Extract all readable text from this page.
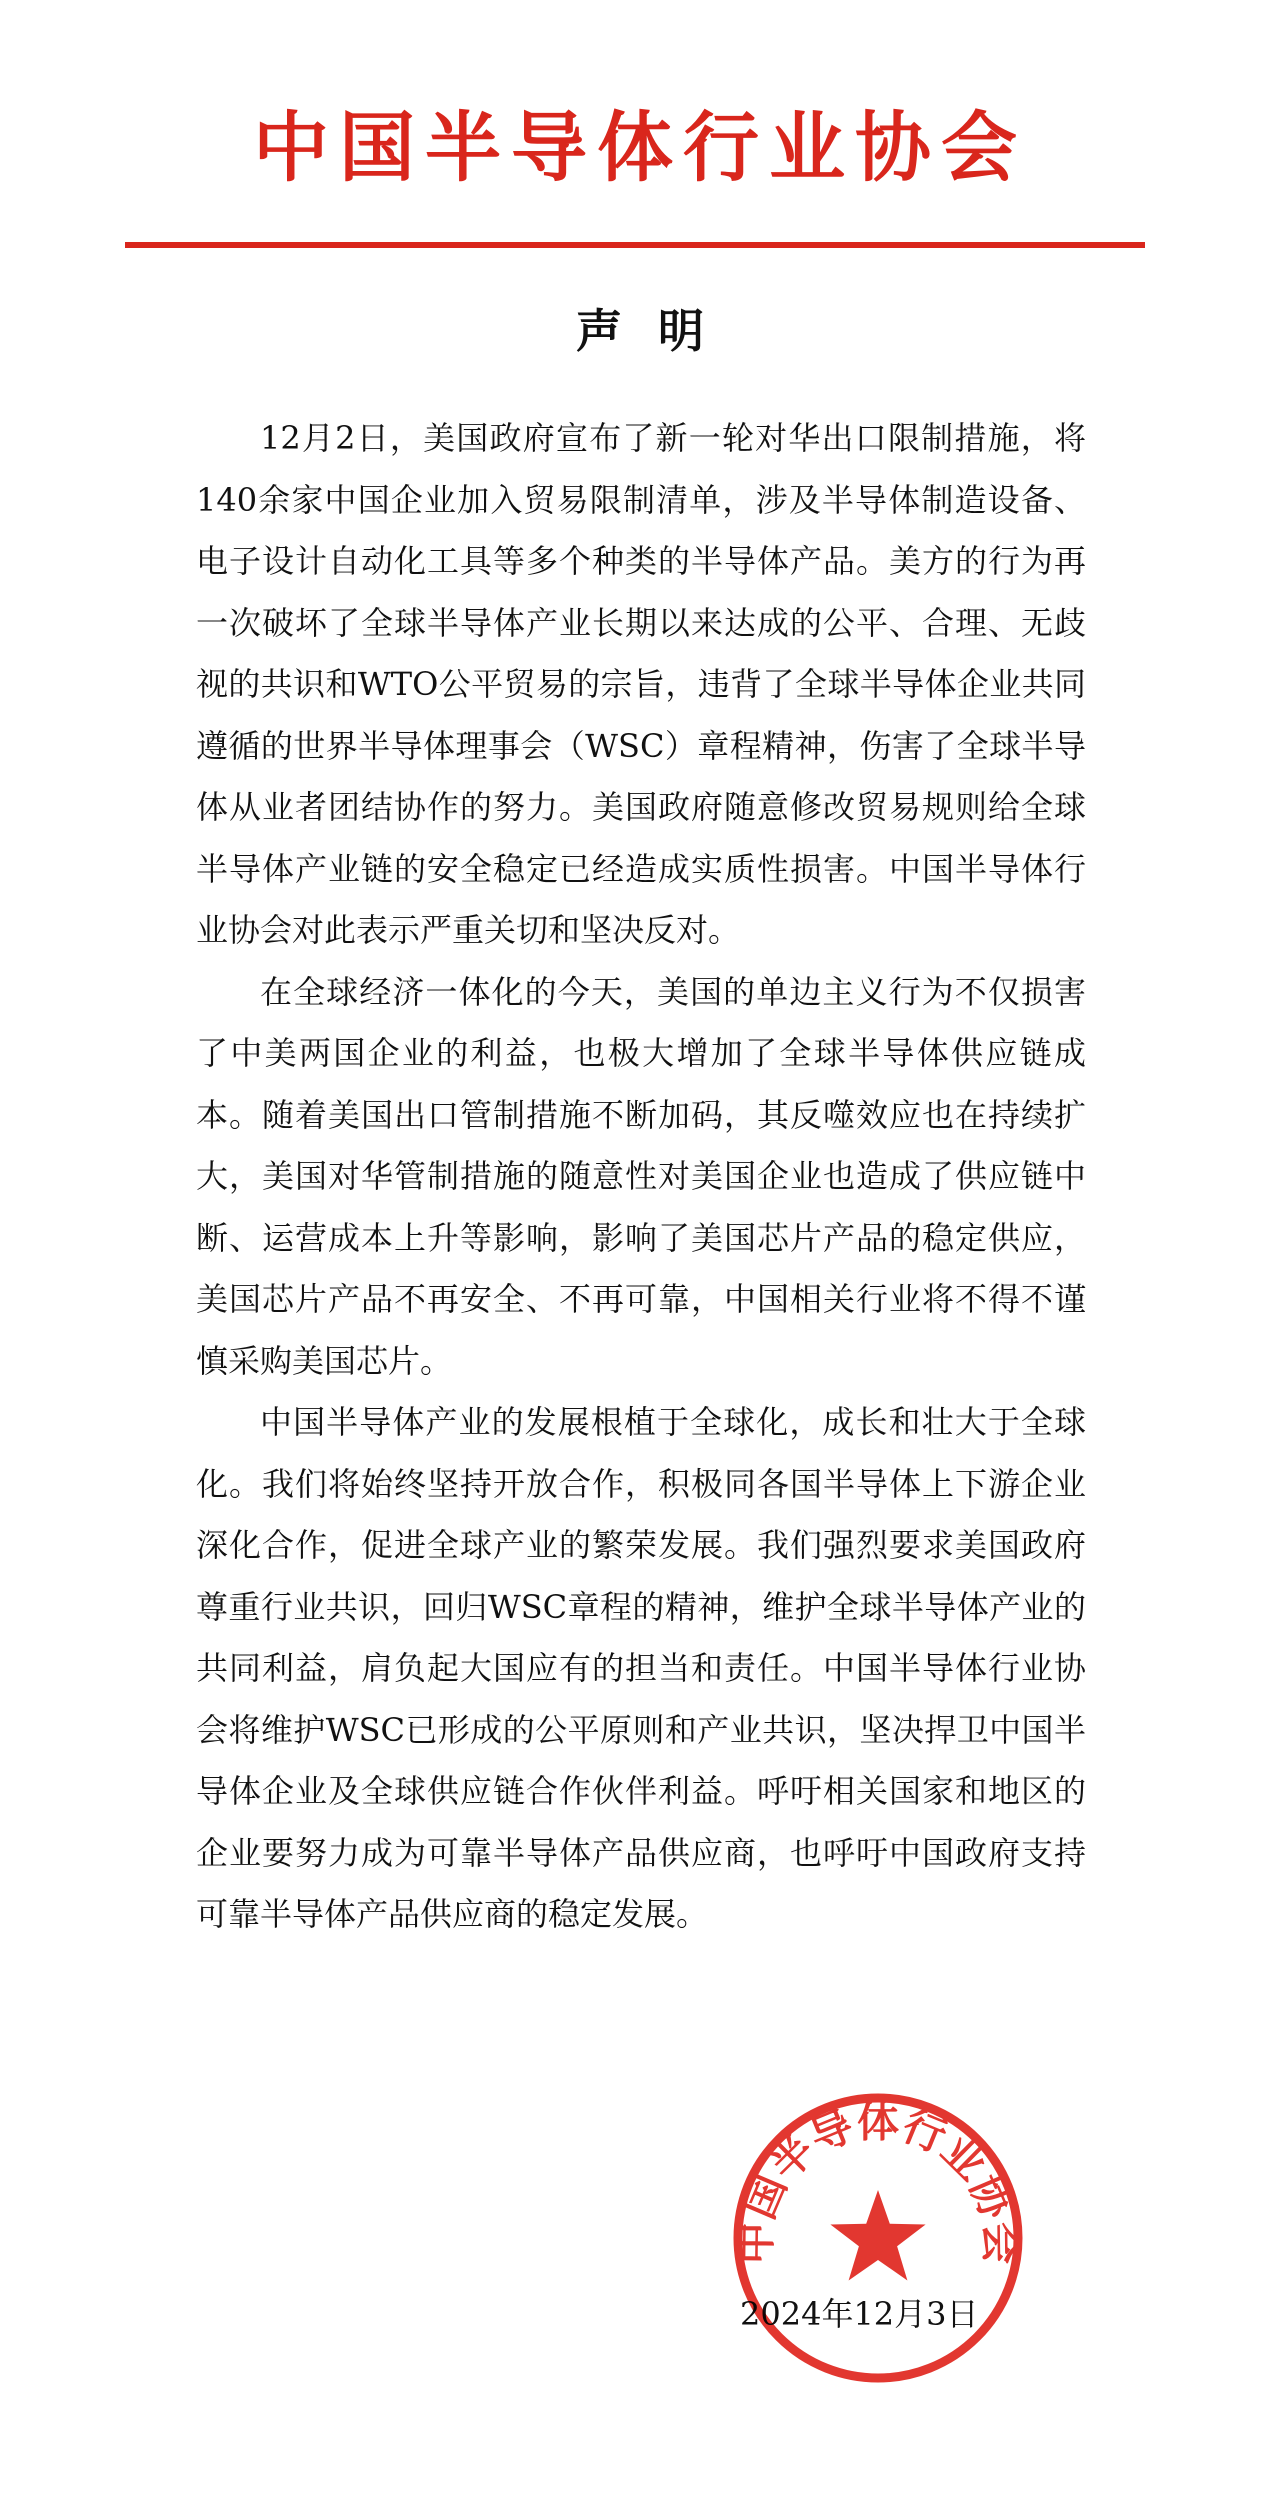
中国半导体行业协会
声明

12月2日，美国政府宣布了新一轮对华出口限制措施，将140余家中国企业加入贸易限制清单，涉及半导体制造设备、电子设计自动化工具等多个种类的半导体产品。美方的行为再一次破坏了全球半导体产业长期以来达成的公平、合理、无歧视的共识和WTO公平贸易的宗旨，违背了全球半导体企业共同遵循的世界半导体理事会（WSC）章程精神，伤害了全球半导体从业者团结协作的努力。美国政府随意修改贸易规则给全球半导体产业链的安全稳定已经造成实质性损害。中国半导体行业协会对此表示严重关切和坚决反对。

在全球经济一体化的今天，美国的单边主义行为不仅损害了中美两国企业的利益，也极大增加了全球半导体供应链成本。随着美国出口管制措施不断加码，其反噬效应也在持续扩大，美国对华管制措施的随意性对美国企业也造成了供应链中断、运营成本上升等影响，影响了美国芯片产品的稳定供应，美国芯片产品不再安全、不再可靠，中国相关行业将不得不谨慎采购美国芯片。

中国半导体产业的发展根植于全球化，成长和壮大于全球化。我们将始终坚持开放合作，积极同各国半导体上下游企业深化合作，促进全球产业的繁荣发展。我们强烈要求美国政府尊重行业共识，回归WSC章程的精神，维护全球半导体产业的共同利益，肩负起大国应有的担当和责任。中国半导体行业协会将维护WSC已形成的公平原则和产业共识，坚决捍卫中国半导体企业及全球供应链合作伙伴利益。呼吁相关国家和地区的企业要努力成为可靠半导体产品供应商，也呼吁中国政府支持可靠半导体产品供应商的稳定发展。

2024年12月3日
中国半导体行业协会
